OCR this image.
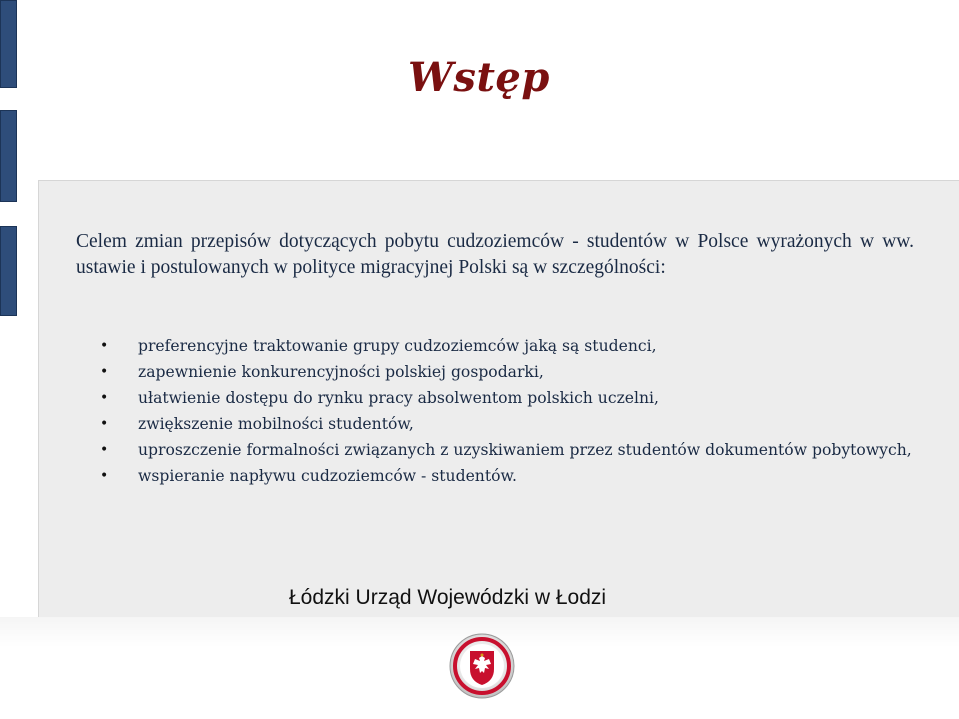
Wstęp

Celem zmian przepisów dotyczących pobytu cudzoziemców - studentów w Polsce wyrażonych w ww. ustawie i postulowanych w polityce migracyjnej Polski są w szczególności:

• preferencyjne traktowanie grupy cudzoziemców jaką są studenci,
• zapewnienie konkurencyjności polskiej gospodarki,
• ułatwienie dostępu do rynku pracy absolwentom polskich uczelni,
• zwiększenie mobilności studentów,
• uproszczenie formalności związanych z uzyskiwaniem przez studentów dokumentów pobytowych,
• wspieranie napływu cudzoziemców - studentów.

Łódzki Urząd Wojewódzki w Łodzi
